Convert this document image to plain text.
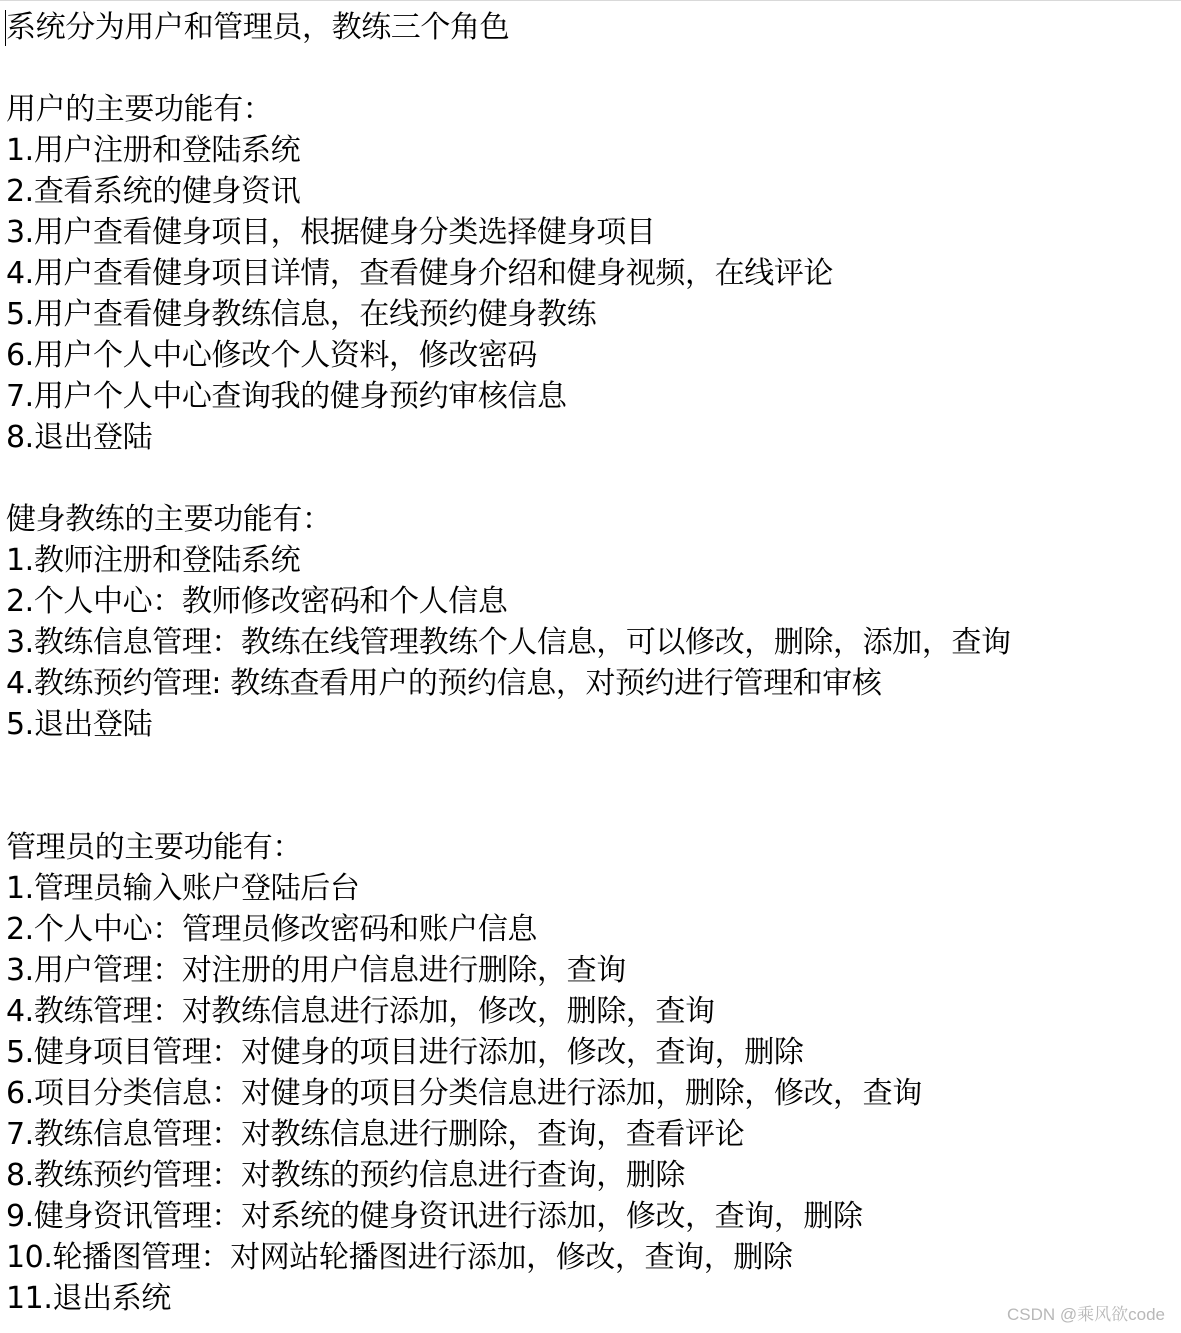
系统分为用户和管理员，教练三个角色
用户的主要功能有：
1.用户注册和登陆系统
2.查看系统的健身资讯
3.用户查看健身项目，根据健身分类选择健身项目
4.用户查看健身项目详情，查看健身介绍和健身视频，在线评论
5.用户查看健身教练信息，在线预约健身教练
6.用户个人中心修改个人资料，修改密码
7.用户个人中心查询我的健身预约审核信息
8.退出登陆
健身教练的主要功能有：
1.教师注册和登陆系统
2.个人中心：教师修改密码和个人信息
3.教练信息管理：教练在线管理教练个人信息，可以修改，删除，添加，查询
4.教练预约管理: 教练查看用户的预约信息，对预约进行管理和审核
5.退出登陆
管理员的主要功能有：
1.管理员输入账户登陆后台
2.个人中心：管理员修改密码和账户信息
3.用户管理：对注册的用户信息进行删除，查询
4.教练管理：对教练信息进行添加，修改，删除，查询
5.健身项目管理：对健身的项目进行添加，修改，查询，删除
6.项目分类信息：对健身的项目分类信息进行添加，删除，修改，查询
7.教练信息管理：对教练信息进行删除，查询，查看评论
8.教练预约管理：对教练的预约信息进行查询，删除
9.健身资讯管理：对系统的健身资讯进行添加，修改，查询，删除
10.轮播图管理：对网站轮播图进行添加，修改，查询，删除
11.退出系统	CSDN @乘风欲code
